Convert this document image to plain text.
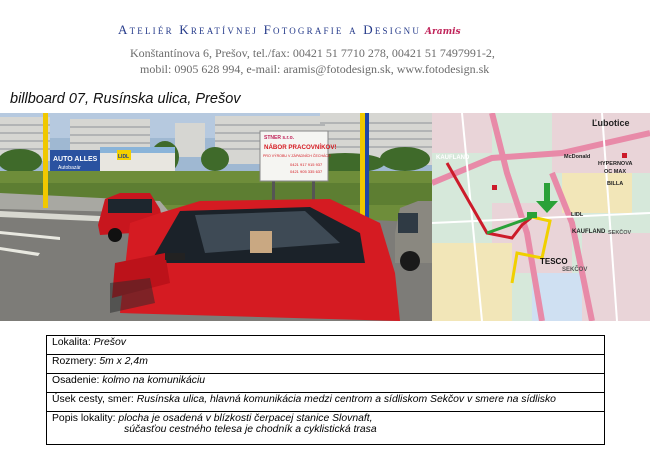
Ateliér Kreatívnej Fotografie a Designu Aramis
Konštantínova 6, Prešov, tel./fax: 00421 51 7710 278, 00421 51 7497991-2,
mobil: 0905 628 994, e-mail: aramis@fotodesign.sk, www.fotodesign.sk
billboard 07, Rusínska ulica, Prešov
AUTO ALLES
Autobazár
LIDL
STNER s.r.o.
NÁBOR PRACOVNÍKOV!
PRO VÝROBU V ZÁPADNÍCH ČECHÁCH
0421 917 915 937
0421 905 335 637
Ľubotice
KAUFLAND	McDonald
HYPERNOVA
OC MAX
BILLA
LIDL
KAUFLAND SEKČOV
TESCO
SEKČOV
Lokalita: Prešov
Rozmery: 5m x 2,4m
Osadenie: kolmo na komunikáciu
Úsek cesty, smer: Rusínska ulica, hlavná komunikácia medzi centrom a sídliskom Sekčov v smere na sídlisko
Popis lokality: plocha je osadená v blízkosti čerpacej stanice Slovnaft,
súčasťou cestného telesa je chodník a cyklistická trasa
